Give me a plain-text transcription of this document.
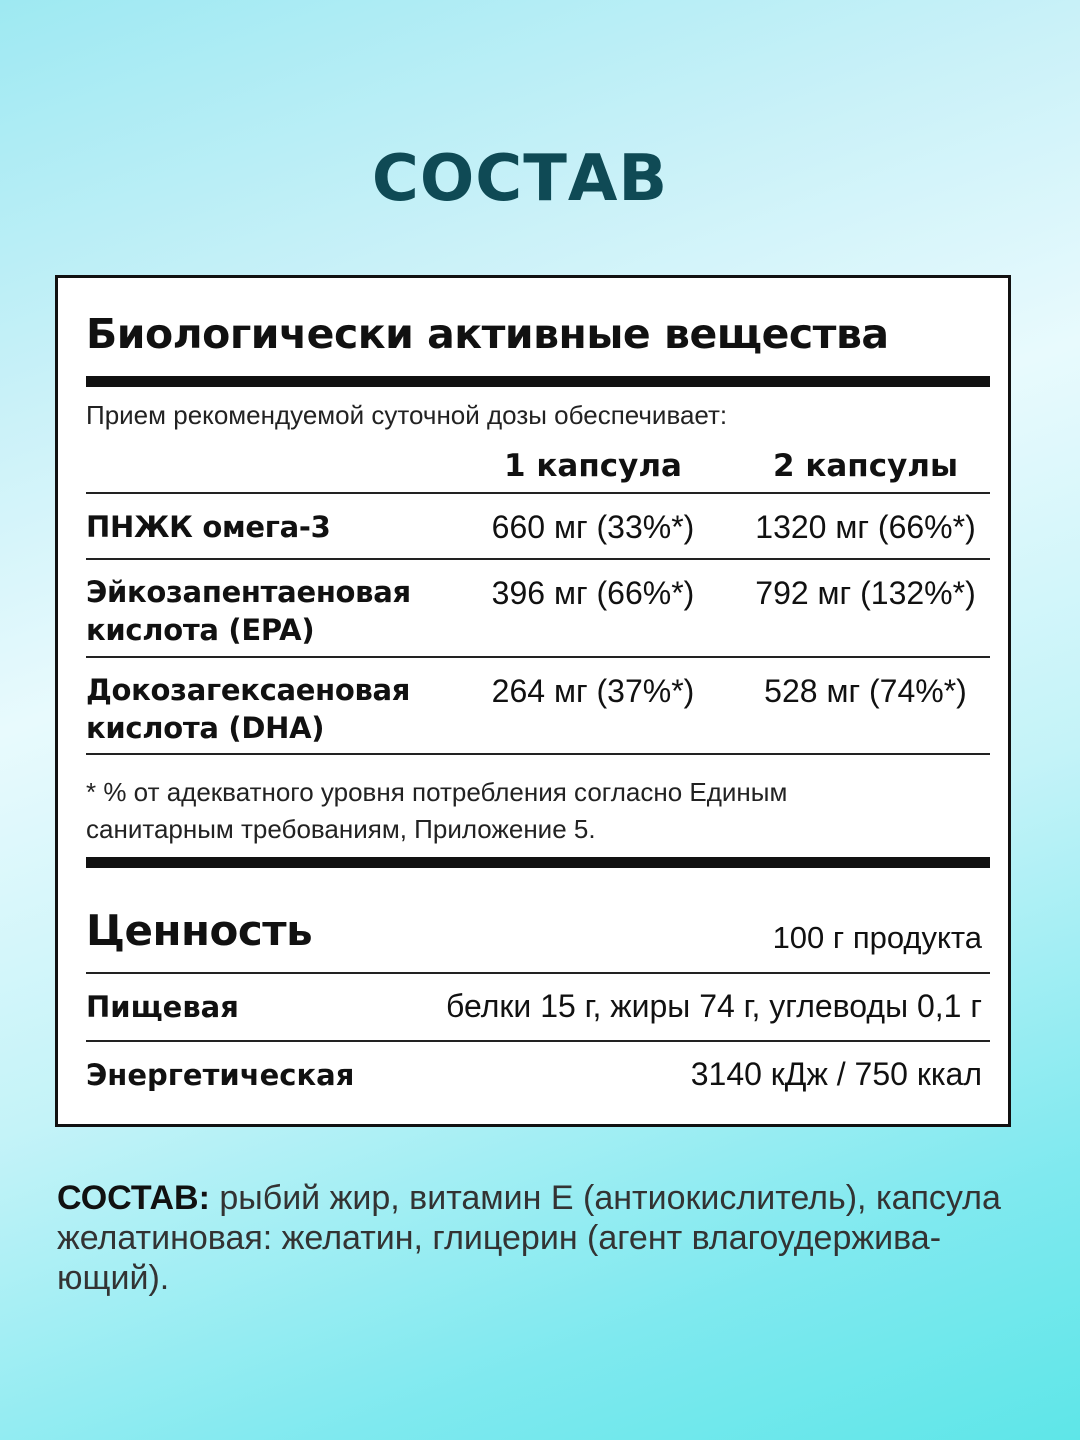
СОСТАВ
Биологически активные вещества
Прием рекомендуемой суточной дозы обеспечивает:
1 капсула	2 капсулы
ПНЖК омега-3	660 мг (33%*)	1320 мг (66%*)
Эйкозапентаеновая
кислота (EPA)
396 мг (66%*)	792 мг (132%*)
Докозагексаеновая
кислота (DHA)
264 мг (37%*)	528 мг (74%*)
* % от адекватного уровня потребления согласно Единым
санитарным требованиям, Приложение 5.
Ценность	100 г продукта
Пищевая	белки 15 г, жиры 74 г, углеводы 0,1 г
Энергетическая	3140 кДж / 750 ккал
СОСТАВ: рыбий жир, витамин Е (антиокислитель), капсула
желатиновая: желатин, глицерин (агент влагоудержива-
ющий).
